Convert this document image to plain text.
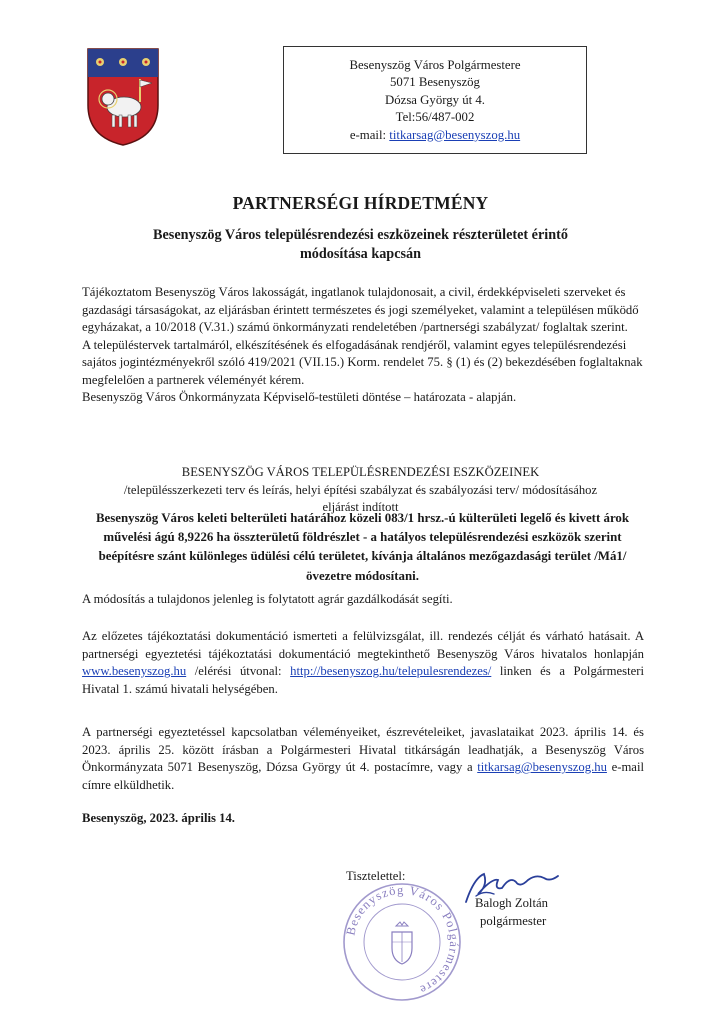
Besenyszög Város Polgármestere
5071 Besenyszög
Dózsa György út 4.
Tel:56/487-002
e-mail: titkarsag@besenyszog.hu
PARTNERSÉGI HÍRDETMÉNY
Besenyszög Város településrendezési eszközeinek részterületet érintő
módosítása kapcsán
Tájékoztatom Besenyszög Város lakosságát, ingatlanok tulajdonosait, a civil, érdekképviseleti szerveket és gazdasági társaságokat, az eljárásban érintett természetes és jogi személyeket, valamint a településen működő egyházakat, a 10/2018 (V.31.) számú önkormányzati rendeletében /partnerségi szabályzat/ foglaltak szerint.
A településtervek tartalmáról, elkészítésének és elfogadásának rendjéről, valamint egyes településrendezési sajátos jogintézményekről szóló 419/2021 (VII.15.) Korm. rendelet 75. § (1) és (2) bekezdésében foglaltaknak megfelelően a partnerek véleményét kérem.
Besenyszög Város Önkormányzata Képviselő-testületi döntése – határozata - alapján.
BESENYSZÖG VÁROS TELEPÜLÉSRENDEZÉSI ESZKÖZEINEK
/településszerkezeti terv és leírás, helyi építési szabályzat és szabályozási terv/ módosításához
eljárást indított
Besenyszög Város keleti belterületi határához közeli 083/1 hrsz.-ú külterületi legelő és kivett árok művelési ágú 8,9226 ha összterületű földrészlet - a hatályos településrendezési eszközök szerint beépítésre szánt különleges üdülési célú területet, kívánja általános mezőgazdasági terület /Má1/ övezetre módosítani.
A módosítás a tulajdonos jelenleg is folytatott agrár gazdálkodását segíti.
Az előzetes tájékoztatási dokumentáció ismerteti a felülvizsgálat, ill. rendezés célját és várható hatásait. A partnerségi egyeztetési tájékoztatási dokumentáció megtekinthető Besenyszög Város hivatalos honlapján www.besenyszog.hu /elérési útvonal: http://besenyszog.hu/telepulesrendezes/ linken és a Polgármesteri Hivatal 1. számú hivatali helységében.
A partnerségi egyeztetéssel kapcsolatban véleményeiket, észrevételeiket, javaslataikat 2023. április 14. és 2023. április 25. között írásban a Polgármesteri Hivatal titkárságán leadhatják, a Besenyszög Város Önkormányzata 5071 Besenyszög, Dózsa György út 4. postacímre, vagy a titkarsag@besenyszog.hu e-mail címre elküldhetik.
Besenyszög, 2023. április 14.
Tisztelettel:
Besenyszög Város Polgármestere
Balogh Zoltán
polgármester
